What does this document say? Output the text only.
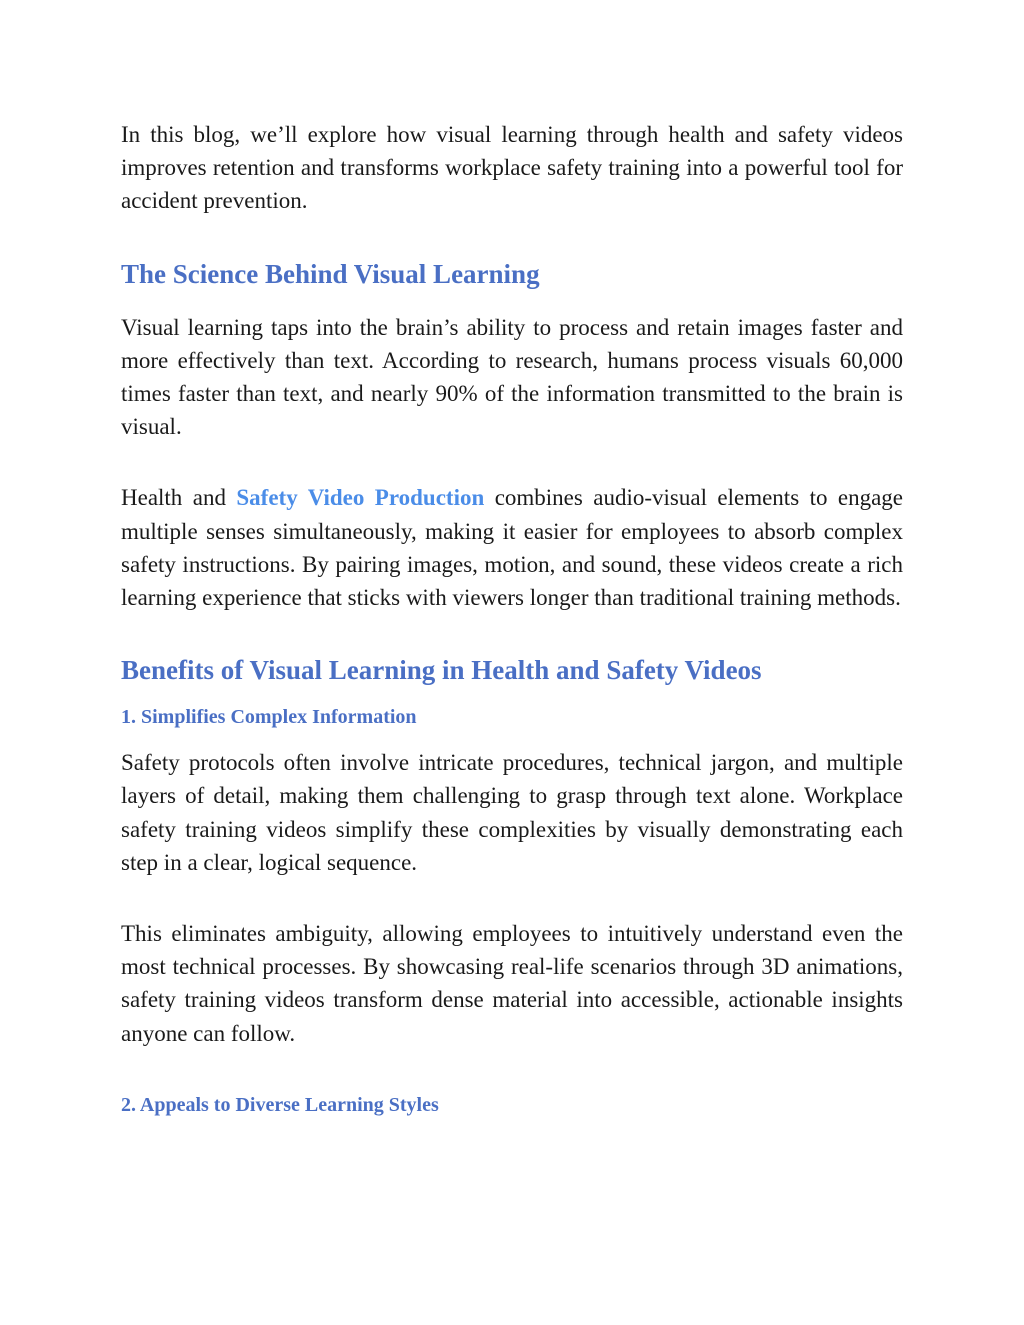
In this blog, we’ll explore how visual learning through health and safety videos improves retention and transforms workplace safety training into a powerful tool for accident prevention.

The Science Behind Visual Learning

Visual learning taps into the brain’s ability to process and retain images faster and more effectively than text. According to research, humans process visuals 60,000 times faster than text, and nearly 90% of the information transmitted to the brain is visual.

Health and Safety Video Production combines audio-visual elements to engage multiple senses simultaneously, making it easier for employees to absorb complex safety instructions. By pairing images, motion, and sound, these videos create a rich learning experience that sticks with viewers longer than traditional training methods.

Benefits of Visual Learning in Health and Safety Videos
1. Simplifies Complex Information

Safety protocols often involve intricate procedures, technical jargon, and multiple layers of detail, making them challenging to grasp through text alone. Workplace safety training videos simplify these complexities by visually demonstrating each step in a clear, logical sequence.

This eliminates ambiguity, allowing employees to intuitively understand even the most technical processes. By showcasing real-life scenarios through 3D animations, safety training videos transform dense material into accessible, actionable insights anyone can follow.

2. Appeals to Diverse Learning Styles
